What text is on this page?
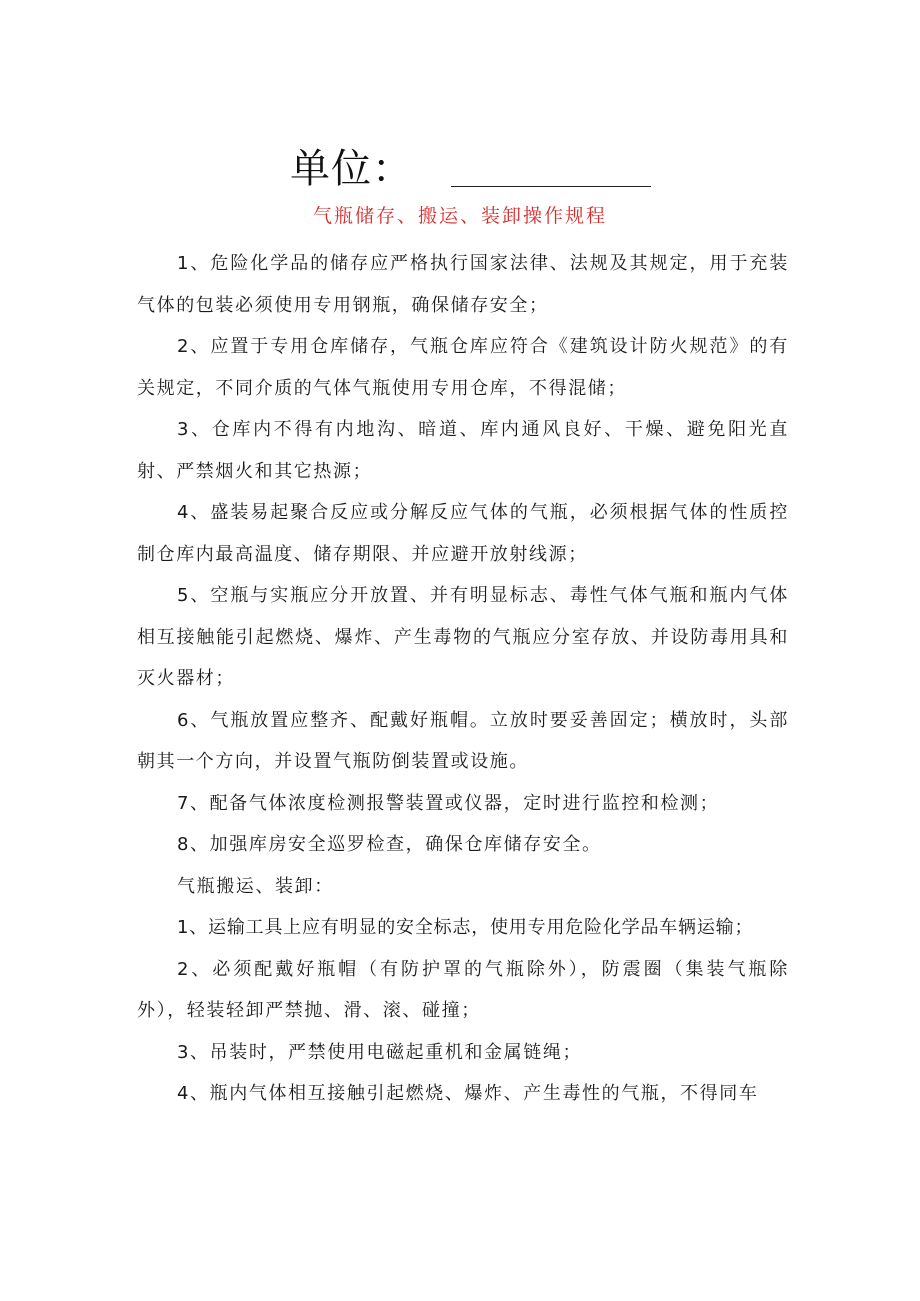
单位：
气瓶储存、搬运、装卸操作规程

1、危险化学品的储存应严格执行国家法律、法规及其规定，用于充装气体的包装必须使用专用钢瓶，确保储存安全；

2、应置于专用仓库储存，气瓶仓库应符合《建筑设计防火规范》的有关规定，不同介质的气体气瓶使用专用仓库，不得混储；

3、仓库内不得有内地沟、暗道、库内通风良好、干燥、避免阳光直射、严禁烟火和其它热源；

4、盛装易起聚合反应或分解反应气体的气瓶，必须根据气体的性质控制仓库内最高温度、储存期限、并应避开放射线源；

5、空瓶与实瓶应分开放置、并有明显标志、毒性气体气瓶和瓶内气体相互接触能引起燃烧、爆炸、产生毒物的气瓶应分室存放、并设防毒用具和灭火器材；

6、气瓶放置应整齐、配戴好瓶帽。立放时要妥善固定；横放时，头部朝其一个方向，并设置气瓶防倒装置或设施。

7、配备气体浓度检测报警装置或仪器，定时进行监控和检测；

8、加强库房安全巡罗检查，确保仓库储存安全。

气瓶搬运、装卸：

1、运输工具上应有明显的安全标志，使用专用危险化学品车辆运输；

2、必须配戴好瓶帽（有防护罩的气瓶除外），防震圈（集装气瓶除外），轻装轻卸严禁抛、滑、滚、碰撞；

3、吊装时，严禁使用电磁起重机和金属链绳；

4、瓶内气体相互接触引起燃烧、爆炸、产生毒性的气瓶，不得同车
